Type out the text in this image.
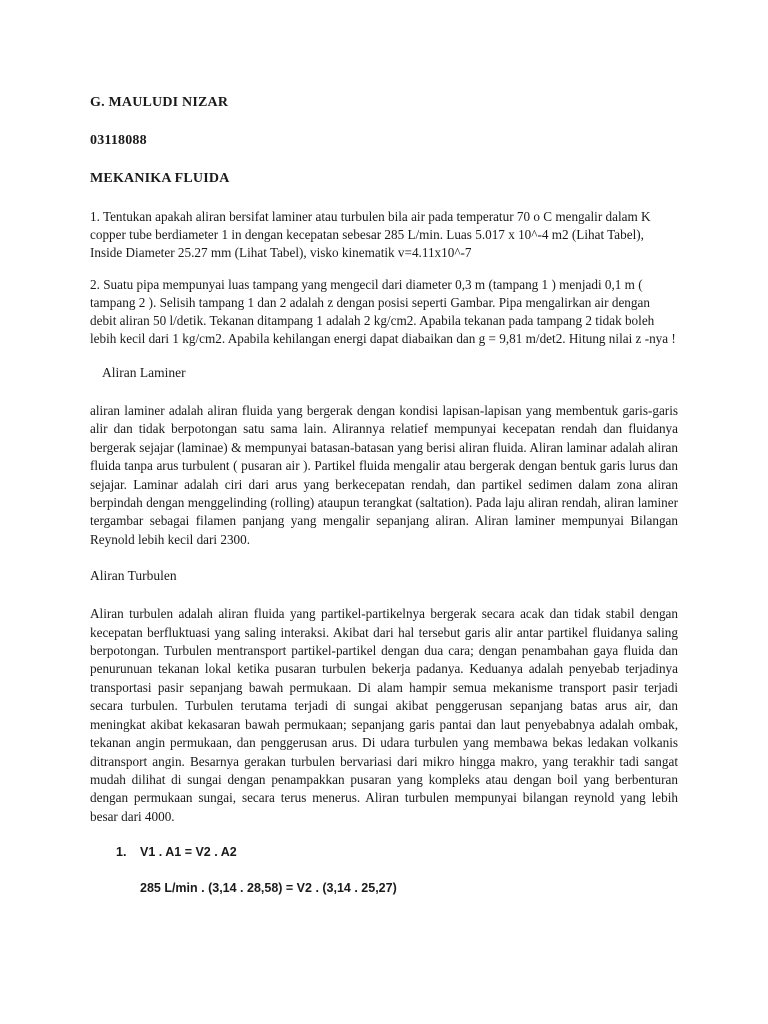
G. MAULUDI NIZAR
03118088
MEKANIKA FLUIDA
1. Tentukan apakah aliran bersifat laminer atau turbulen bila air pada temperatur 70 o C mengalir dalam K copper tube berdiameter 1 in dengan kecepatan sebesar 285 L/min. Luas 5.017 x 10^-4 m2 (Lihat Tabel), Inside Diameter 25.27 mm (Lihat Tabel), visko kinematik v=4.11x10^-7
2. Suatu pipa mempunyai luas tampang yang mengecil dari diameter 0,3 m (tampang 1 ) menjadi 0,1 m ( tampang 2 ). Selisih tampang 1 dan 2 adalah z dengan posisi seperti Gambar. Pipa mengalirkan air dengan debit aliran 50 l/detik. Tekanan ditampang 1 adalah 2 kg/cm2. Apabila tekanan pada tampang 2 tidak boleh lebih kecil dari 1 kg/cm2. Apabila kehilangan energi dapat diabaikan dan g = 9,81 m/det2. Hitung nilai z -nya !
Aliran Laminer
aliran laminer adalah aliran fluida yang bergerak dengan kondisi lapisan-lapisan yang membentuk garis-garis alir dan tidak berpotongan satu sama lain. Alirannya relatief mempunyai kecepatan rendah dan fluidanya bergerak sejajar (laminae) & mempunyai batasan-batasan yang berisi aliran fluida. Aliran laminar adalah aliran fluida tanpa arus turbulent ( pusaran air ). Partikel fluida mengalir atau bergerak dengan bentuk garis lurus dan sejajar. Laminar adalah ciri dari arus yang berkecepatan rendah, dan partikel sedimen dalam zona aliran berpindah dengan menggelinding (rolling) ataupun terangkat (saltation). Pada laju aliran rendah, aliran laminer tergambar sebagai filamen panjang yang mengalir sepanjang aliran. Aliran laminer mempunyai Bilangan Reynold lebih kecil dari 2300.
Aliran Turbulen
Aliran turbulen adalah aliran fluida yang partikel-partikelnya bergerak secara acak dan tidak stabil dengan kecepatan berfluktuasi yang saling interaksi. Akibat dari hal tersebut garis alir antar partikel fluidanya saling berpotongan. Turbulen mentransport partikel-partikel dengan dua cara; dengan penambahan gaya fluida dan penurunuan tekanan lokal ketika pusaran turbulen bekerja padanya. Keduanya adalah penyebab terjadinya transportasi pasir sepanjang bawah permukaan. Di alam hampir semua mekanisme transport pasir terjadi secara turbulen. Turbulen terutama terjadi di sungai akibat penggerusan sepanjang batas arus air, dan meningkat akibat kekasaran bawah permukaan; sepanjang garis pantai dan laut penyebabnya adalah ombak, tekanan angin permukaan, dan penggerusan arus. Di udara turbulen yang membawa bekas ledakan volkanis ditransport angin. Besarnya gerakan turbulen bervariasi dari mikro hingga makro, yang terakhir tadi sangat mudah dilihat di sungai dengan penampakkan pusaran yang kompleks atau dengan boil yang berbenturan dengan permukaan sungai, secara terus menerus. Aliran turbulen mempunyai bilangan reynold yang lebih besar dari 4000.
1.	V1 . A1 = V2 . A2
285 L/min . (3,14 . 28,58) = V2 . (3,14 . 25,27)
